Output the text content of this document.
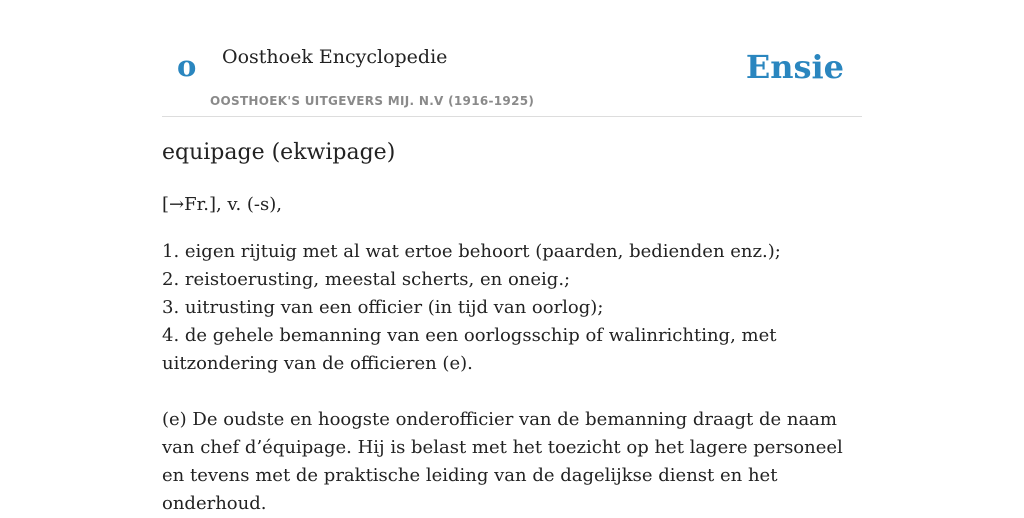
o Oosthoek Encyclopedie
OOSTHOEK'S UITGEVERS MIJ. N.V (1916-1925)
Ensie
equipage (ekwipage)
[→Fr.], v. (-s),
1. eigen rijtuig met al wat ertoe behoort (paarden, bedienden enz.);
2. reistoerusting, meestal scherts, en oneig.;
3. uitrusting van een officier (in tijd van oorlog);
4. de gehele bemanning van een oorlogsschip of walinrichting, met uitzondering van de officieren (e).

(e) De oudste en hoogste onderofficier van de bemanning draagt de naam van chef d’équipage. Hij is belast met het toezicht op het lagere personeel en tevens met de praktische leiding van de dagelijkse dienst en het onderhoud.
